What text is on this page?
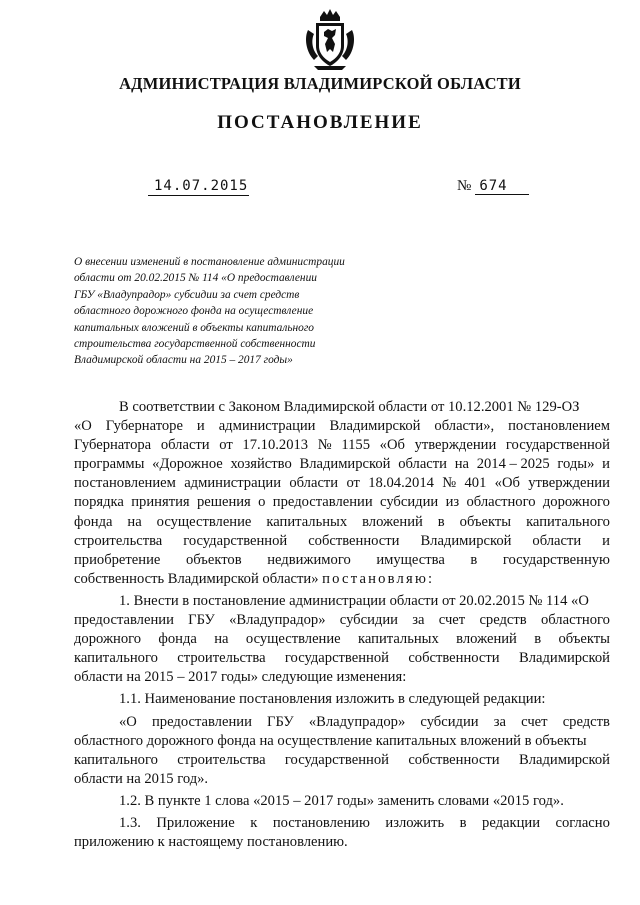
АДМИНИСТРАЦИЯ ВЛАДИМИРСКОЙ ОБЛАСТИ
ПОСТАНОВЛЕНИЕ
14.07.2015	№ 674
О внесении изменений в постановление администрации
области от 20.02.2015 № 114 «О предоставлении
ГБУ «Владупрадор» субсидии за счет средств
областного дорожного фонда на осуществление
капитальных вложений в объекты капитального
строительства государственной собственности
Владимирской области на 2015 – 2017 годы»
В соответствии с Законом Владимирской области от 10.12.2001 № 129-ОЗ
«О Губернаторе и администрации Владимирской области», постановлением
Губернатора области от 17.10.2013 № 1155 «Об утверждении государственной
программы «Дорожное хозяйство Владимирской области на 2014 – 2025 годы» и
постановлением администрации области от 18.04.2014 № 401 «Об утверждении
порядка принятия решения о предоставлении субсидии из областного дорожного
фонда на осуществление капитальных вложений в объекты капитального
строительства государственной собственности Владимирской области и
приобретение объектов недвижимого имущества в государственную
собственность Владимирской области» постановляю:
1. Внести в постановление администрации области от 20.02.2015 № 114 «О
предоставлении ГБУ «Владупрадор» субсидии за счет средств областного
дорожного фонда на осуществление капитальных вложений в объекты
капитального строительства государственной собственности Владимирской
области на 2015 – 2017 годы» следующие изменения:
1.1. Наименование постановления изложить в следующей редакции:
«О предоставлении ГБУ «Владупрадор» субсидии за счет средств
областного дорожного фонда на осуществление капитальных вложений в объекты
капитального строительства государственной собственности Владимирской
области на 2015 год».
1.2. В пункте 1 слова «2015 – 2017 годы» заменить словами «2015 год».
1.3. Приложение к постановлению изложить в редакции согласно
приложению к настоящему постановлению.
